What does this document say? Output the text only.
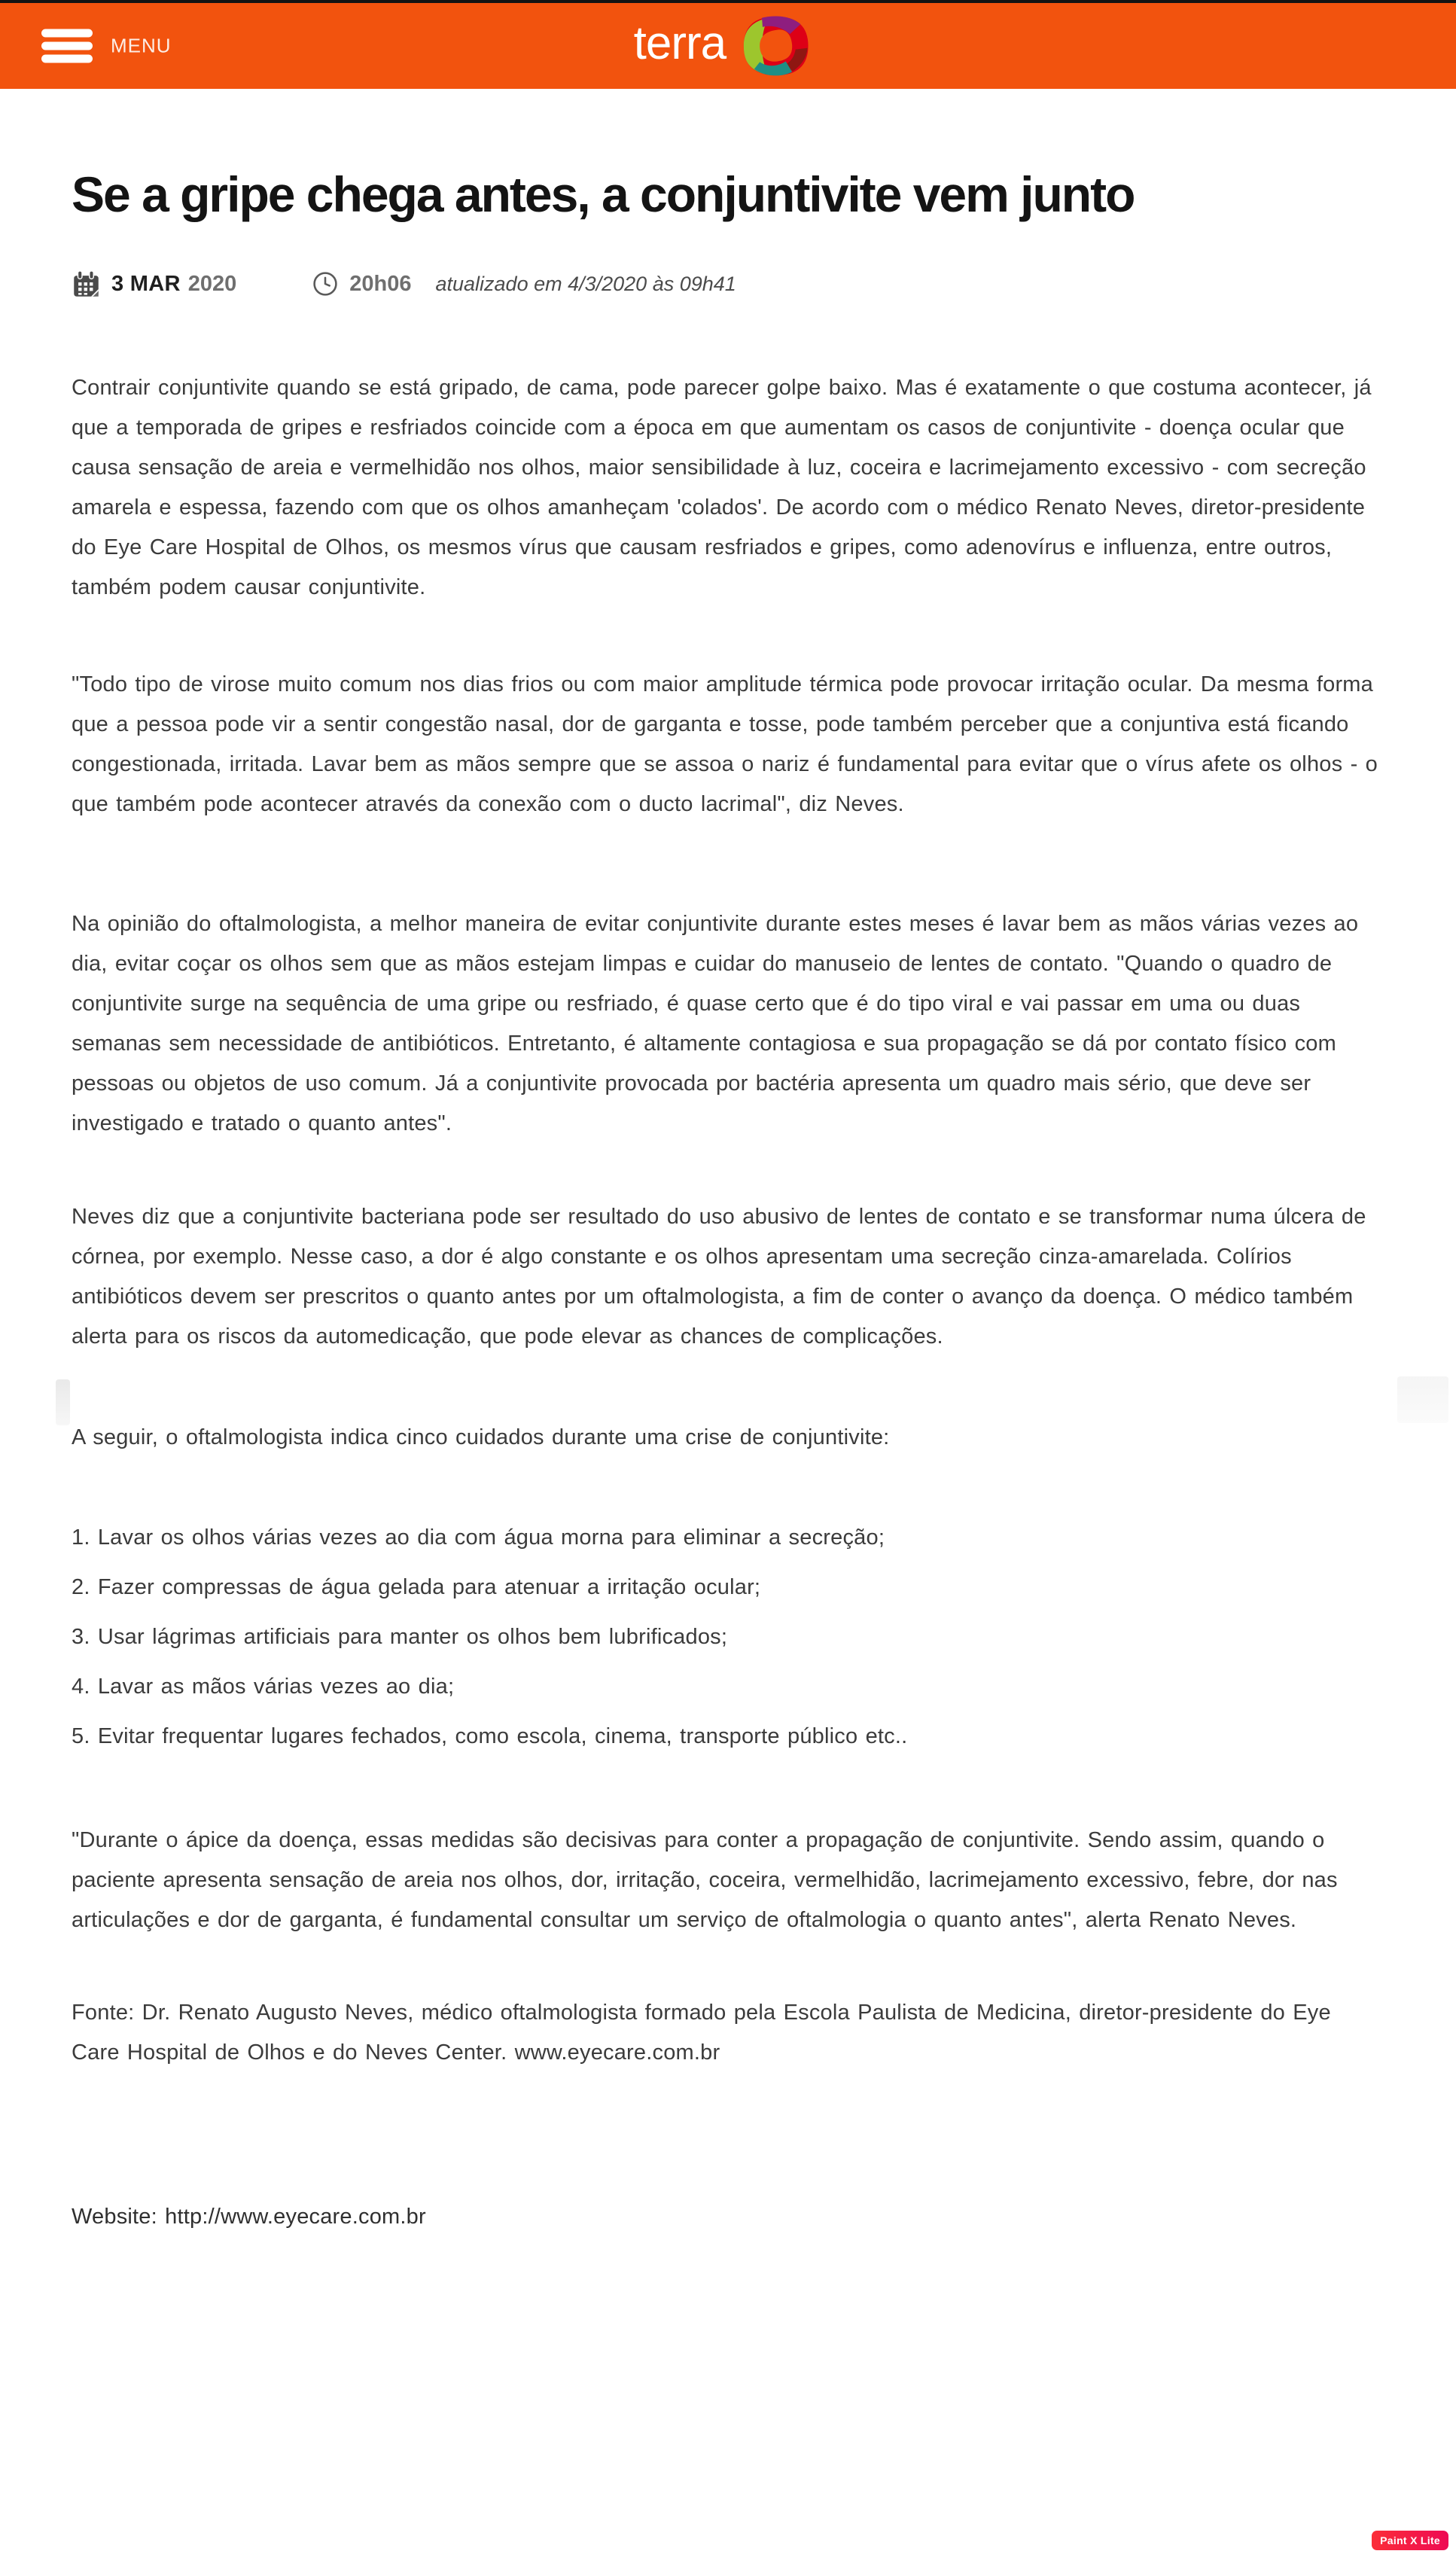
MENU	terra
Se a gripe chega antes, a conjuntivite vem junto
3 MAR 2020	20h06 atualizado em 4/3/2020 às 09h41

Contrair conjuntivite quando se está gripado, de cama, pode parecer golpe baixo. Mas é exatamente o que costuma acontecer, já que a temporada de gripes e resfriados coincide com a época em que aumentam os casos de conjuntivite - doença ocular que causa sensação de areia e vermelhidão nos olhos, maior sensibilidade à luz, coceira e lacrimejamento excessivo - com secreção amarela e espessa, fazendo com que os olhos amanheçam 'colados'. De acordo com o médico Renato Neves, diretor-presidente do Eye Care Hospital de Olhos, os mesmos vírus que causam resfriados e gripes, como adenovírus e influenza, entre outros, também podem causar conjuntivite.

"Todo tipo de virose muito comum nos dias frios ou com maior amplitude térmica pode provocar irritação ocular. Da mesma forma que a pessoa pode vir a sentir congestão nasal, dor de garganta e tosse, pode também perceber que a conjuntiva está ficando congestionada, irritada. Lavar bem as mãos sempre que se assoa o nariz é fundamental para evitar que o vírus afete os olhos - o que também pode acontecer através da conexão com o ducto lacrimal", diz Neves.

Na opinião do oftalmologista, a melhor maneira de evitar conjuntivite durante estes meses é lavar bem as mãos várias vezes ao dia, evitar coçar os olhos sem que as mãos estejam limpas e cuidar do manuseio de lentes de contato. "Quando o quadro de conjuntivite surge na sequência de uma gripe ou resfriado, é quase certo que é do tipo viral e vai passar em uma ou duas semanas sem necessidade de antibióticos. Entretanto, é altamente contagiosa e sua propagação se dá por contato físico com pessoas ou objetos de uso comum. Já a conjuntivite provocada por bactéria apresenta um quadro mais sério, que deve ser investigado e tratado o quanto antes".

Neves diz que a conjuntivite bacteriana pode ser resultado do uso abusivo de lentes de contato e se transformar numa úlcera de córnea, por exemplo. Nesse caso, a dor é algo constante e os olhos apresentam uma secreção cinza-amarelada. Colírios antibióticos devem ser prescritos o quanto antes por um oftalmologista, a fim de conter o avanço da doença. O médico também alerta para os riscos da automedicação, que pode elevar as chances de complicações.

A seguir, o oftalmologista indica cinco cuidados durante uma crise de conjuntivite:

1. Lavar os olhos várias vezes ao dia com água morna para eliminar a secreção;
2. Fazer compressas de água gelada para atenuar a irritação ocular;
3. Usar lágrimas artificiais para manter os olhos bem lubrificados;
4. Lavar as mãos várias vezes ao dia;
5. Evitar frequentar lugares fechados, como escola, cinema, transporte público etc..

"Durante o ápice da doença, essas medidas são decisivas para conter a propagação de conjuntivite. Sendo assim, quando o paciente apresenta sensação de areia nos olhos, dor, irritação, coceira, vermelhidão, lacrimejamento excessivo, febre, dor nas articulações e dor de garganta, é fundamental consultar um serviço de oftalmologia o quanto antes", alerta Renato Neves.

Fonte: Dr. Renato Augusto Neves, médico oftalmologista formado pela Escola Paulista de Medicina, diretor-presidente do Eye Care Hospital de Olhos e do Neves Center. www.eyecare.com.br

Website: http://www.eyecare.com.br

Paint X Lite
